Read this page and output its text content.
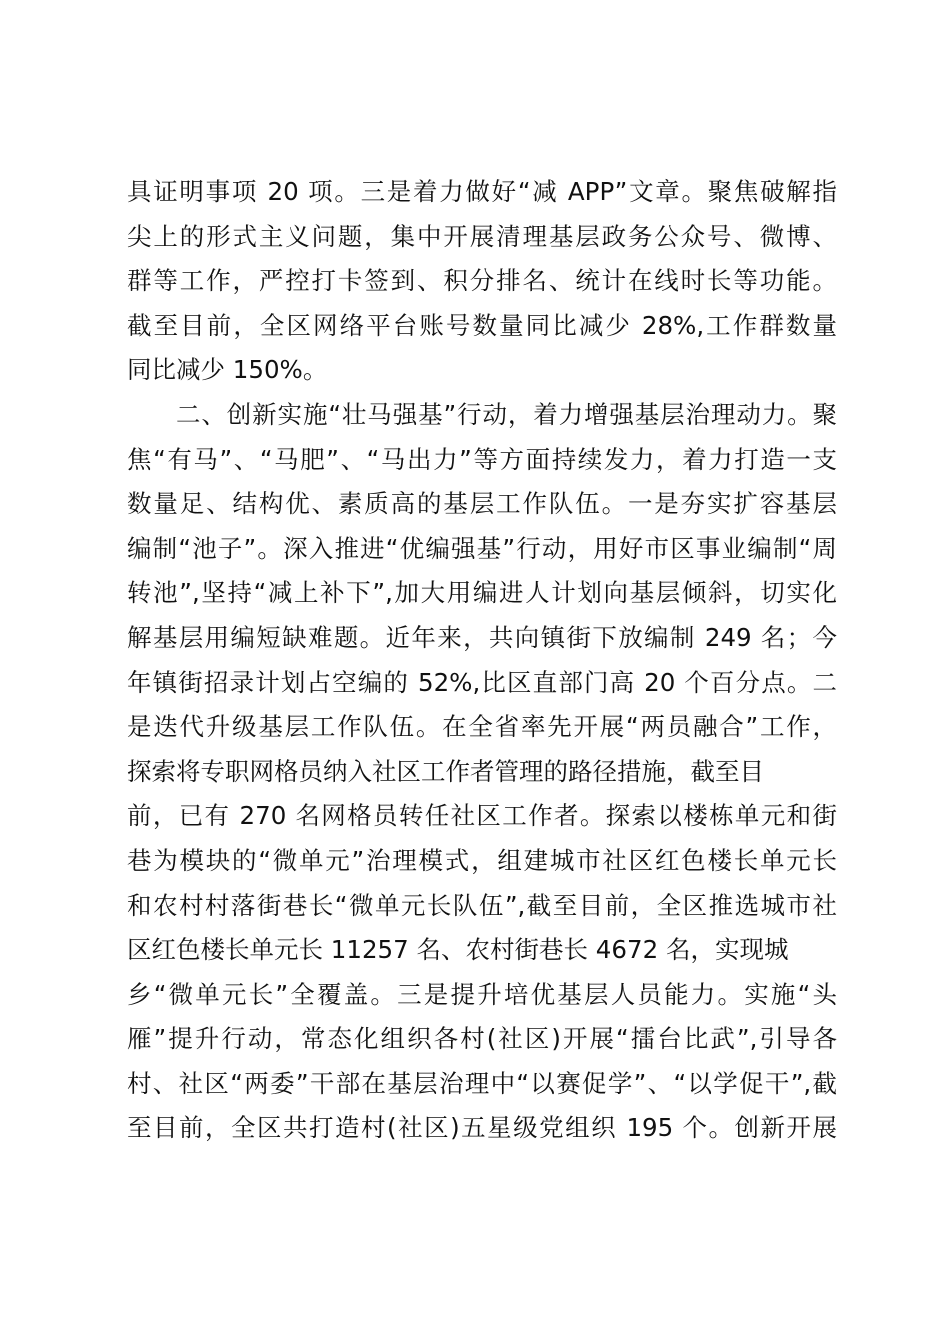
具证明事项 20 项。三是着力做好“减 APP”文章。聚焦破解指
尖上的形式主义问题，集中开展清理基层政务公众号、微博、
群等工作，严控打卡签到、积分排名、统计在线时长等功能。
截至目前，全区网络平台账号数量同比减少 28%,工作群数量
同比减少 150%。
二、创新实施“壮马强基”行动，着力增强基层治理动力。聚
焦“有马”、“马肥”、“马出力”等方面持续发力，着力打造一支
数量足、结构优、素质高的基层工作队伍。一是夯实扩容基层
编制“池子”。深入推进“优编强基”行动，用好市区事业编制“周
转池”,坚持“减上补下”,加大用编进人计划向基层倾斜，切实化
解基层用编短缺难题。近年来，共向镇街下放编制 249 名；今
年镇街招录计划占空编的 52%,比区直部门高 20 个百分点。二
是迭代升级基层工作队伍。在全省率先开展“两员融合”工作，
探索将专职网格员纳入社区工作者管理的路径措施，截至目
前，已有 270 名网格员转任社区工作者。探索以楼栋单元和街
巷为模块的“微单元”治理模式，组建城市社区红色楼长单元长
和农村村落街巷长“微单元长队伍”,截至目前，全区推选城市社
区红色楼长单元长 11257 名、农村街巷长 4672 名，实现城
乡“微单元长”全覆盖。三是提升培优基层人员能力。实施“头
雁”提升行动，常态化组织各村(社区)开展“擂台比武”,引导各
村、社区“两委”干部在基层治理中“以赛促学”、“以学促干”,截
至目前，全区共打造村(社区)五星级党组织 195 个。创新开展
